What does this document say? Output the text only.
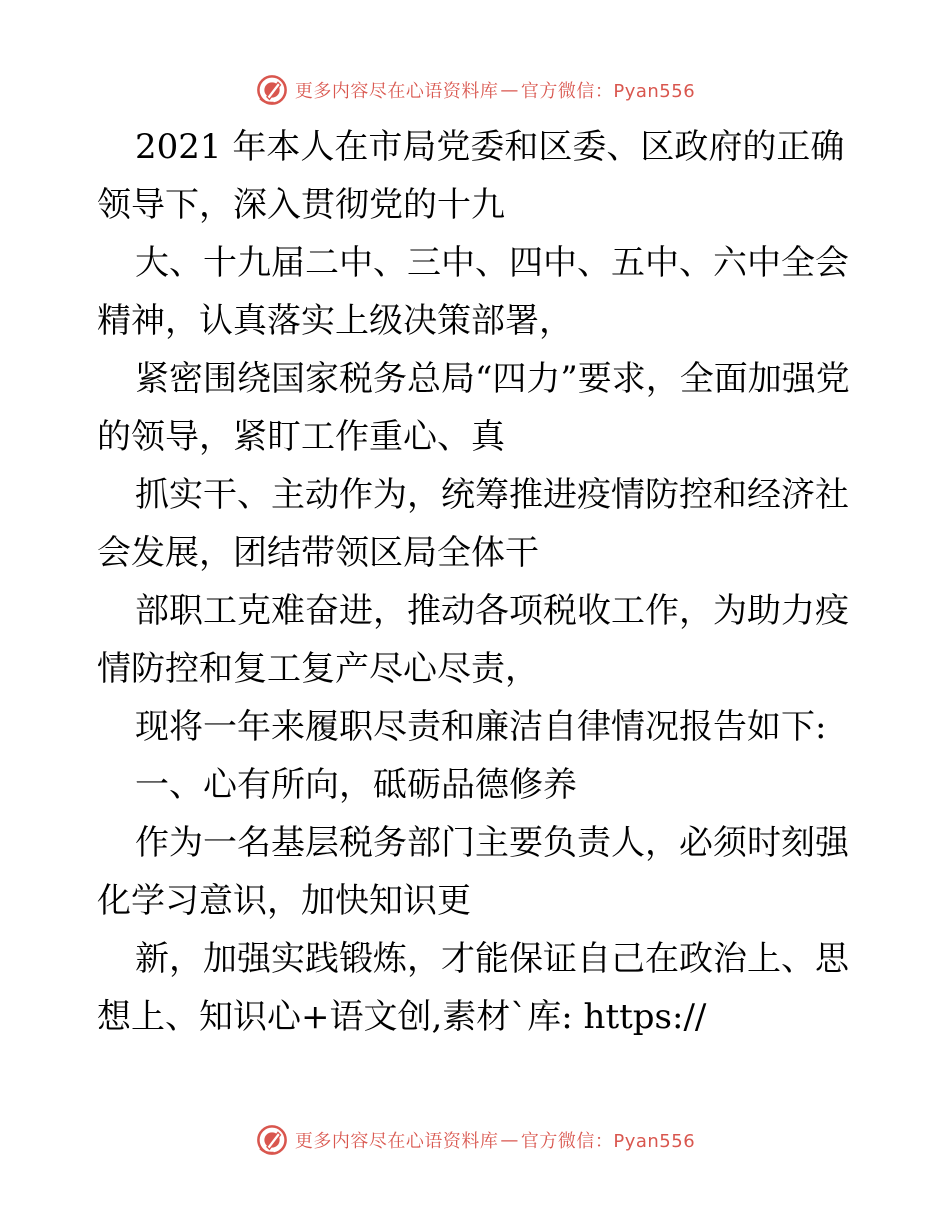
更多内容尽在心语资料库 — 官方微信：Pyan556

2021 年本人在市局党委和区委、区政府的正确领导下，深入贯彻党的十九

大、十九届二中、三中、四中、五中、六中全会精神，认真落实上级决策部署，

紧密围绕国家税务总局“四力”要求，全面加强党的领导，紧盯工作重心、真

抓实干、主动作为，统筹推进疫情防控和经济社会发展，团结带领区局全体干

部职工克难奋进，推动各项税收工作，为助力疫情防控和复工复产尽心尽责，

现将一年来履职尽责和廉洁自律情况报告如下:

一、心有所向，砥砺品德修养

作为一名基层税务部门主要负责人，必须时刻强化学习意识，加快知识更

新，加强实践锻炼，才能保证自己在政治上、思想上、知识心+语文创,素材`库: https://

更多内容尽在心语资料库 — 官方微信：Pyan556
